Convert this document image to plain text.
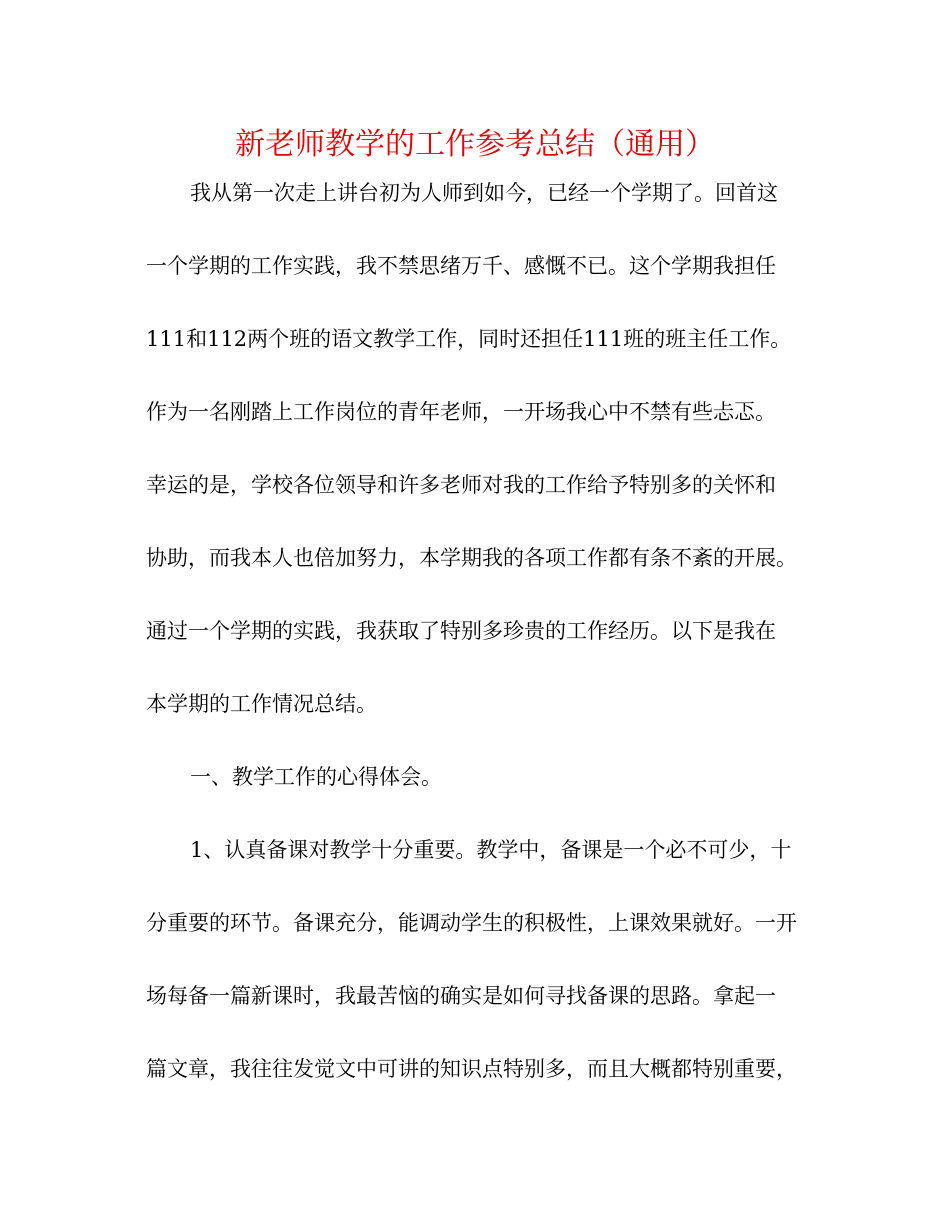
新老师教学的工作参考总结（通用）

我从第一次走上讲台初为人师到如今，已经一个学期了。回首这

一个学期的工作实践，我不禁思绪万千、感慨不已。这个学期我担任

111和112两个班的语文教学工作，同时还担任111班的班主任工作。

作为一名刚踏上工作岗位的青年老师，一开场我心中不禁有些忐忑。

幸运的是，学校各位领导和许多老师对我的工作给予特别多的关怀和

协助，而我本人也倍加努力，本学期我的各项工作都有条不紊的开展。

通过一个学期的实践，我获取了特别多珍贵的工作经历。以下是我在

本学期的工作情况总结。

一、教学工作的心得体会。

1、认真备课对教学十分重要。教学中，备课是一个必不可少，十

分重要的环节。备课充分，能调动学生的积极性，上课效果就好。一开

场每备一篇新课时，我最苦恼的确实是如何寻找备课的思路。拿起一

篇文章，我往往发觉文中可讲的知识点特别多，而且大概都特别重要，
